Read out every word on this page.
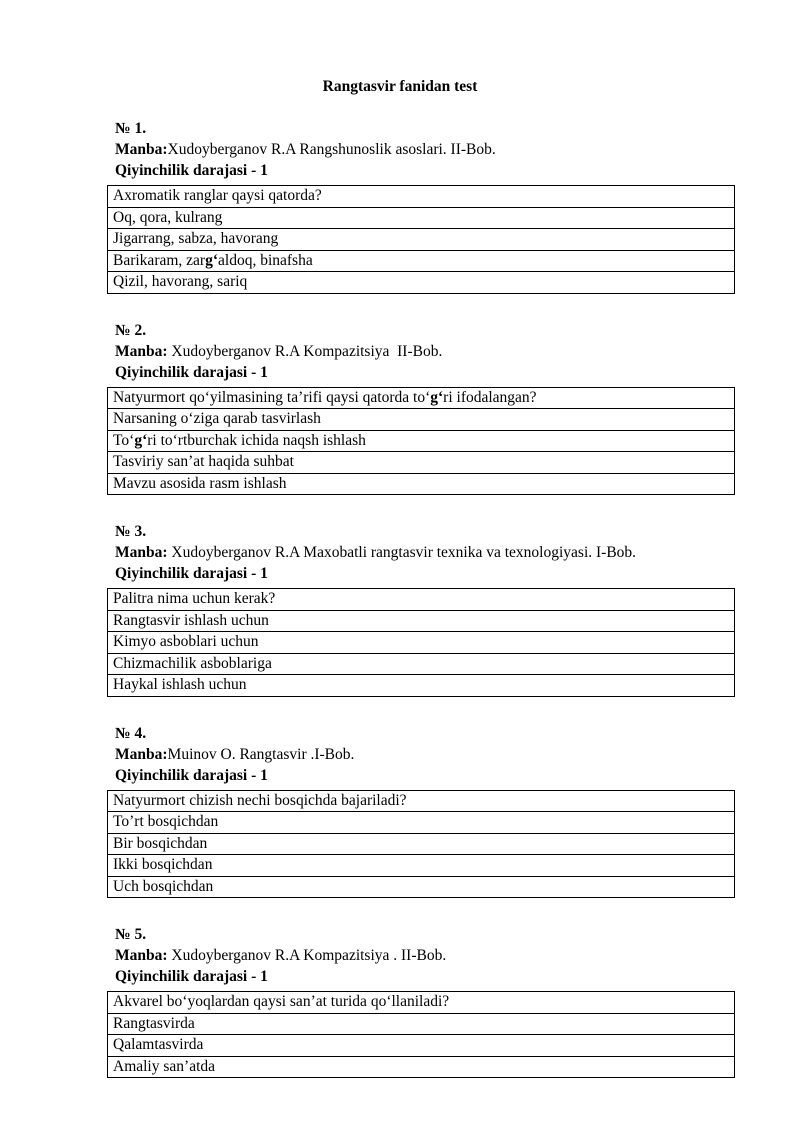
Rangtasvir fanidan test

№ 1.

Manba:Xudoyberganov R.A Rangshunoslik asoslari. II-Bob.

Qiyinchilik darajasi - 1

Axromatik ranglar qaysi qatorda?
Oq, qora, kulrang
Jigarrang, sabza, havorang
Barikaram, zarg‘aldoq, binafsha
Qizil, havorang, sariq

№ 2.

Manba: Xudoyberganov R.A Kompazitsiya  II-Bob.

Qiyinchilik darajasi - 1

Natyurmort qo‘yilmasining ta’rifi qaysi qatorda to‘g‘ri ifodalangan?
Narsaning o‘ziga qarab tasvirlash
To‘g‘ri to‘rtburchak ichida naqsh ishlash
Tasviriy san’at haqida suhbat
Mavzu asosida rasm ishlash

№ 3.

Manba: Xudoyberganov R.A Maxobatli rangtasvir texnika va texnologiyasi. I-Bob.

Qiyinchilik darajasi - 1

Palitra nima uchun kerak?
Rangtasvir ishlash uchun
Kimyo asboblari uchun
Chizmachilik asboblariga
Haykal ishlash uchun

№ 4.

Manba:Muinov O. Rangtasvir .I-Bob.

Qiyinchilik darajasi - 1

Natyurmort chizish nechi bosqichda bajariladi?
To’rt bosqichdan
Bir bosqichdan
Ikki bosqichdan
Uch bosqichdan

№ 5.

Manba: Xudoyberganov R.A Kompazitsiya . II-Bob.

Qiyinchilik darajasi - 1

Akvarel bo‘yoqlardan qaysi san’at turida qo‘llaniladi?
Rangtasvirda
Qalamtasvirda
Amaliy san’atda
